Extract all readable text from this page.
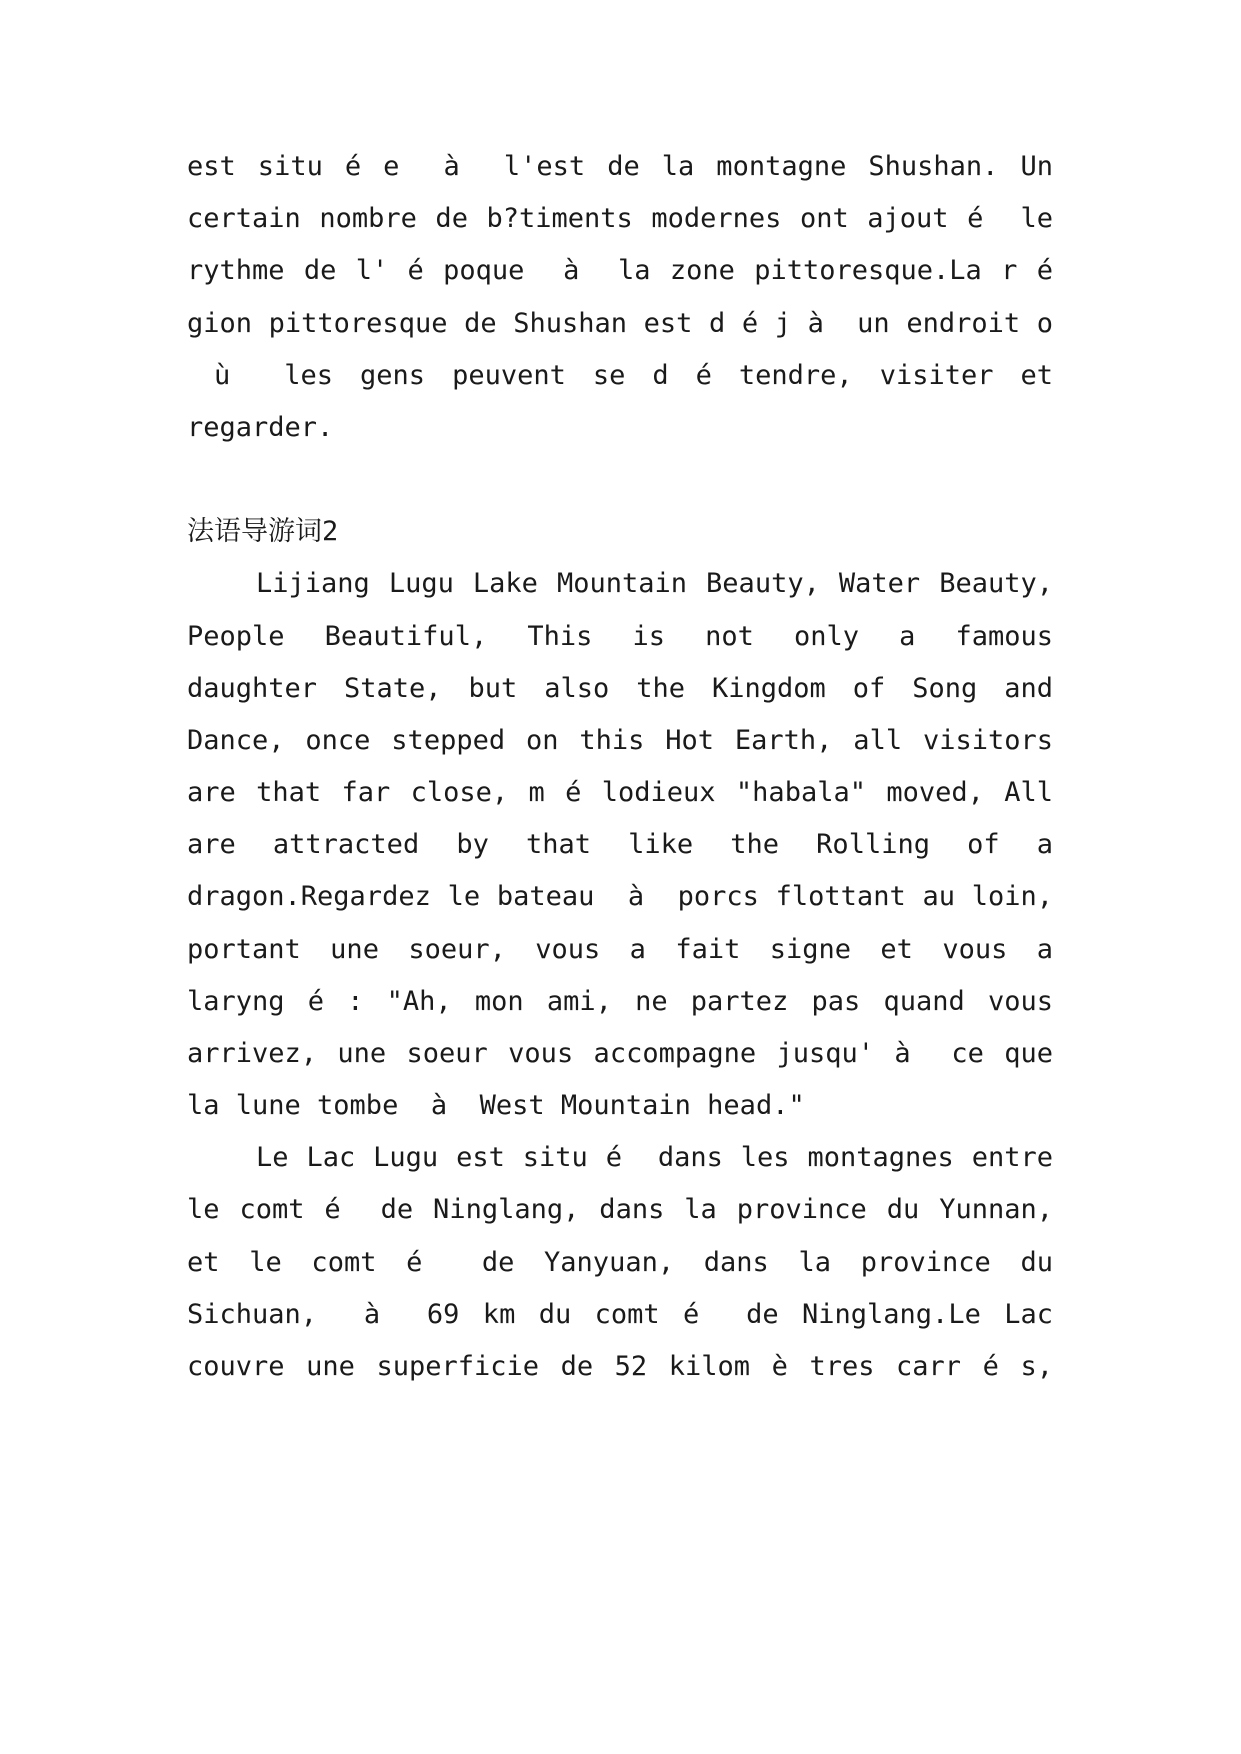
est situ é e  à  l'est de la montagne Shushan. Un
certain nombre de b?timents modernes ont ajout é  le
rythme de l' é poque  à  la zone pittoresque.La r é
gion pittoresque de Shushan est d é j à  un endroit o
ù  les gens peuvent se d é tendre, visiter et
regarder.
法语导游词2
Lijiang Lugu Lake Mountain Beauty, Water Beauty,
People Beautiful, This is not only a famous
daughter State, but also the Kingdom of Song and
Dance, once stepped on this Hot Earth, all visitors
are that far close, m é lodieux "habala" moved, All
are attracted by that like the Rolling of a
dragon.Regardez le bateau  à  porcs flottant au loin,
portant une soeur, vous a fait signe et vous a
laryng é : "Ah, mon ami, ne partez pas quand vous
arrivez, une soeur vous accompagne jusqu' à  ce que
la lune tombe  à  West Mountain head."
Le Lac Lugu est situ é  dans les montagnes entre
le comt é  de Ninglang, dans la province du Yunnan,
et le comt é  de Yanyuan, dans la province du
Sichuan,  à  69 km du comt é  de Ninglang.Le Lac
couvre une superficie de 52 kilom è tres carr é s,
